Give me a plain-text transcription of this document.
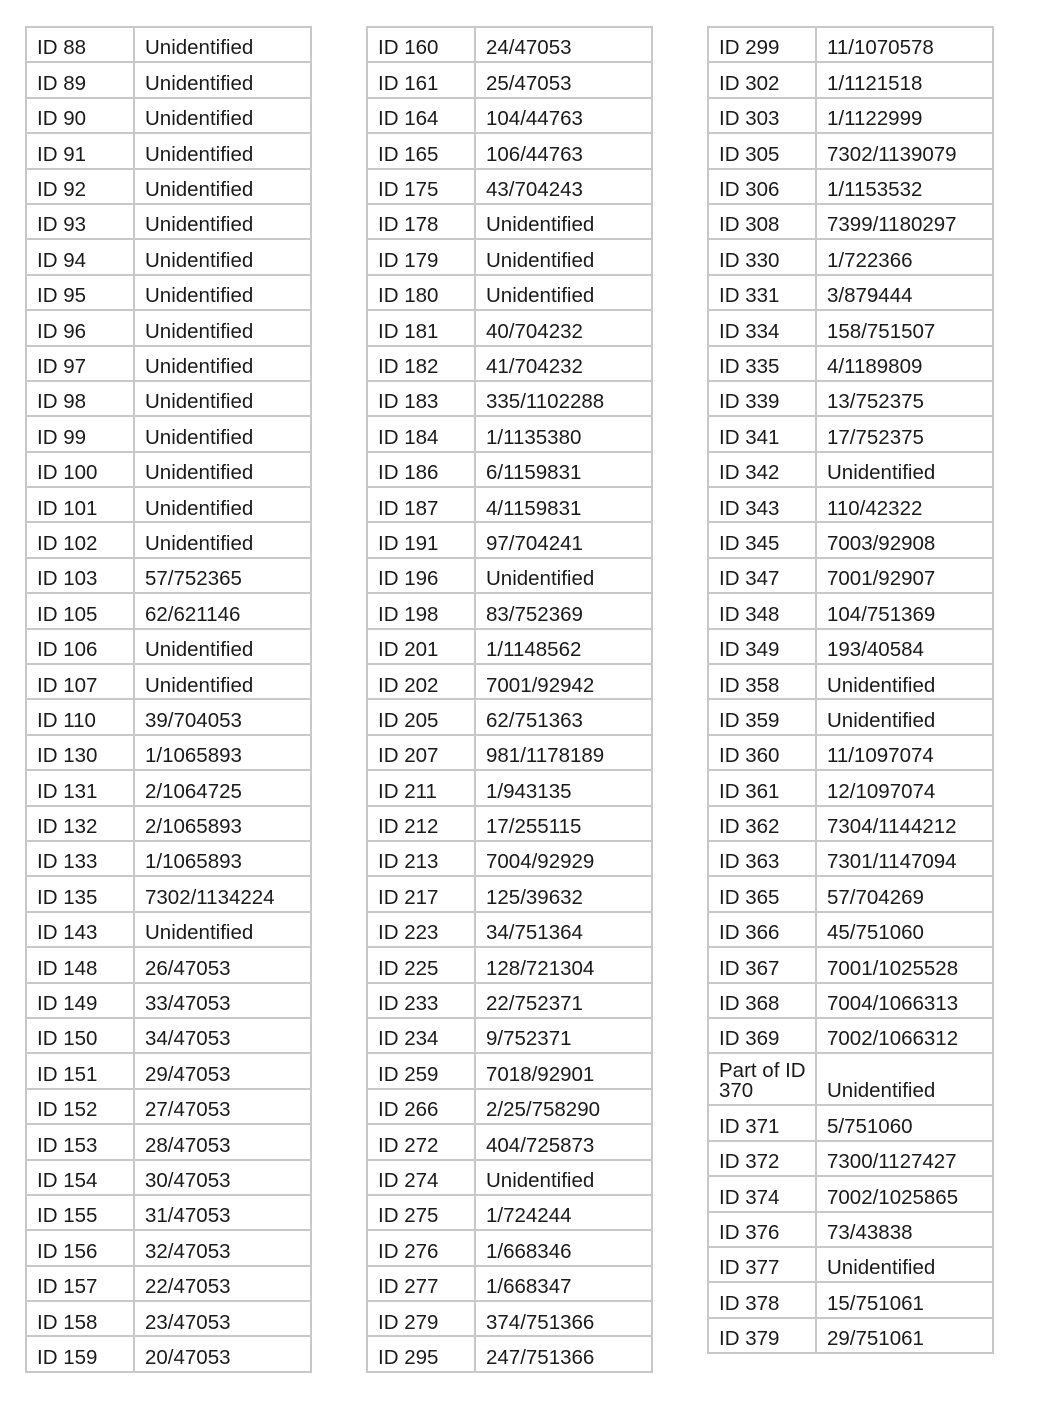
ID 88	Unidentified
ID 89	Unidentified
ID 90	Unidentified
ID 91	Unidentified
ID 92	Unidentified
ID 93	Unidentified
ID 94	Unidentified
ID 95	Unidentified
ID 96	Unidentified
ID 97	Unidentified
ID 98	Unidentified
ID 99	Unidentified
ID 100	Unidentified
ID 101	Unidentified
ID 102	Unidentified
ID 103	57/752365
ID 105	62/621146
ID 106	Unidentified
ID 107	Unidentified
ID 110	39/704053
ID 130	1/1065893
ID 131	2/1064725
ID 132	2/1065893
ID 133	1/1065893
ID 135	7302/1134224
ID 143	Unidentified
ID 148	26/47053
ID 149	33/47053
ID 150	34/47053
ID 151	29/47053
ID 152	27/47053
ID 153	28/47053
ID 154	30/47053
ID 155	31/47053
ID 156	32/47053
ID 157	22/47053
ID 158	23/47053
ID 159	20/47053
ID 160	24/47053
ID 161	25/47053
ID 164	104/44763
ID 165	106/44763
ID 175	43/704243
ID 178	Unidentified
ID 179	Unidentified
ID 180	Unidentified
ID 181	40/704232
ID 182	41/704232
ID 183	335/1102288
ID 184	1/1135380
ID 186	6/1159831
ID 187	4/1159831
ID 191	97/704241
ID 196	Unidentified
ID 198	83/752369
ID 201	1/1148562
ID 202	7001/92942
ID 205	62/751363
ID 207	981/1178189
ID 211	1/943135
ID 212	17/255115
ID 213	7004/92929
ID 217	125/39632
ID 223	34/751364
ID 225	128/721304
ID 233	22/752371
ID 234	9/752371
ID 259	7018/92901
ID 266	2/25/758290
ID 272	404/725873
ID 274	Unidentified
ID 275	1/724244
ID 276	1/668346
ID 277	1/668347
ID 279	374/751366
ID 295	247/751366
ID 299	11/1070578
ID 302	1/1121518
ID 303	1/1122999
ID 305	7302/1139079
ID 306	1/1153532
ID 308	7399/1180297
ID 330	1/722366
ID 331	3/879444
ID 334	158/751507
ID 335	4/1189809
ID 339	13/752375
ID 341	17/752375
ID 342	Unidentified
ID 343	110/42322
ID 345	7003/92908
ID 347	7001/92907
ID 348	104/751369
ID 349	193/40584
ID 358	Unidentified
ID 359	Unidentified
ID 360	11/1097074
ID 361	12/1097074
ID 362	7304/1144212
ID 363	7301/1147094
ID 365	57/704269
ID 366	45/751060
ID 367	7001/1025528
ID 368	7004/1066313
ID 369	7002/1066312
Part of ID 370	Unidentified
ID 371	5/751060
ID 372	7300/1127427
ID 374	7002/1025865
ID 376	73/43838
ID 377	Unidentified
ID 378	15/751061
ID 379	29/751061
